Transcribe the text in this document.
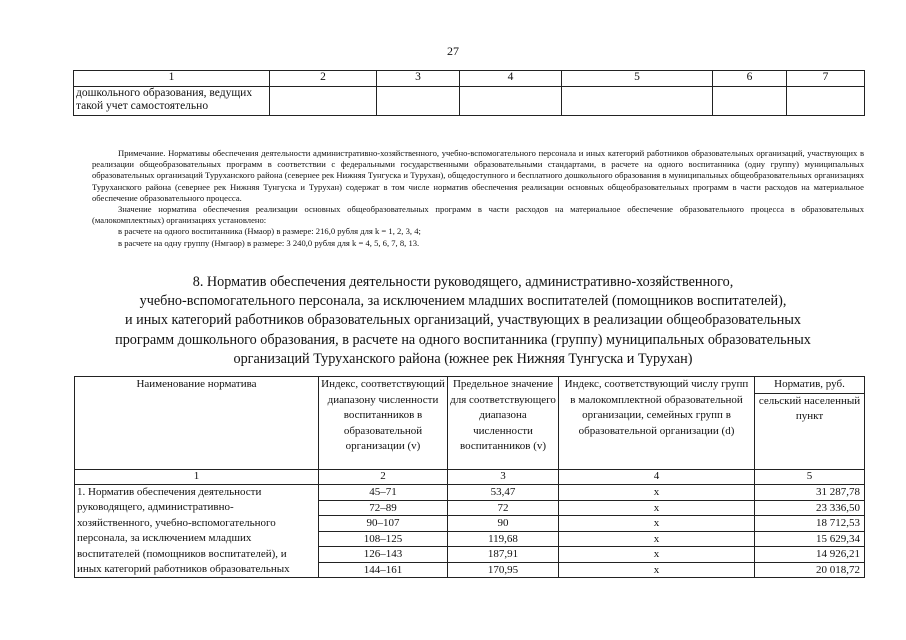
27
1	2	3	4	5	6	7

дошкольного образования, ведущих
такой учет самостоятельно						

Примечание. Нормативы обеспечения деятельности административно-хозяйственного, учебно-вспомогательного персонала и иных категорий работников образовательных организаций, участвующих в реализации общеобразовательных программ в соответствии с федеральными государственными образовательными стандартами, в расчете на одного воспитанника (одну группу) муниципальных образовательных организаций Туруханского района (севернее рек Нижняя Тунгуска и Турухан), общедоступного и бесплатного дошкольного образования в муниципальных общеобразовательных организациях Туруханского района (севернее рек Нижняя Тунгуска и Турухан) содержат в том числе норматив обеспечения реализации основных общеобразовательных программ в части расходов на материальное обеспечение образовательного процесса.

Значение норматива обеспечения реализации основных общеобразовательных программ в части расходов на материальное обеспечение образовательного процесса в образовательных (малокомплектных) организациях установлено:

в расчете на одного воспитанника (Нмаор) в размере: 216,0 рубля для k = 1, 2, 3, 4;

в расчете на одну группу (Нмгаор) в размере: 3 240,0 рубля для k = 4, 5, 6, 7, 8, 13.

8. Норматив обеспечения деятельности руководящего, административно-хозяйственного,
учебно-вспомогательного персонала, за исключением младших воспитателей (помощников воспитателей),
и иных категорий работников образовательных организаций, участвующих в реализации общеобразовательных
программ дошкольного образования, в расчете на одного воспитанника (группу) муниципальных образовательных
организаций Туруханского района (южнее рек Нижняя Тунгуска и Турухан)
Наименование норматива	Индекс, соответствующий диапазону численности воспитанников в образовательной организации (v)	Предельное значение для соответствующего диапазона численности воспитанников (v)	Индекс, соответствующий числу групп в малокомплектной образовательной организации, семейных групп в образовательной организации (d)	Норматив, руб.
сельский населенный пункт

1	2	3	4	5
1. Норматив обеспечения деятельности	45–71	53,47	х	31 287,78
руководящего, административно-	72–89	72	х	23 336,50
хозяйственного, учебно-вспомогательного	90–107	90	х	18 712,53
персонала, за исключением младших	108–125	119,68	х	15 629,34
воспитателей (помощников воспитателей), и	126–143	187,91	х	14 926,21
иных категорий работников образовательных	144–161	170,95	х	20 018,72
